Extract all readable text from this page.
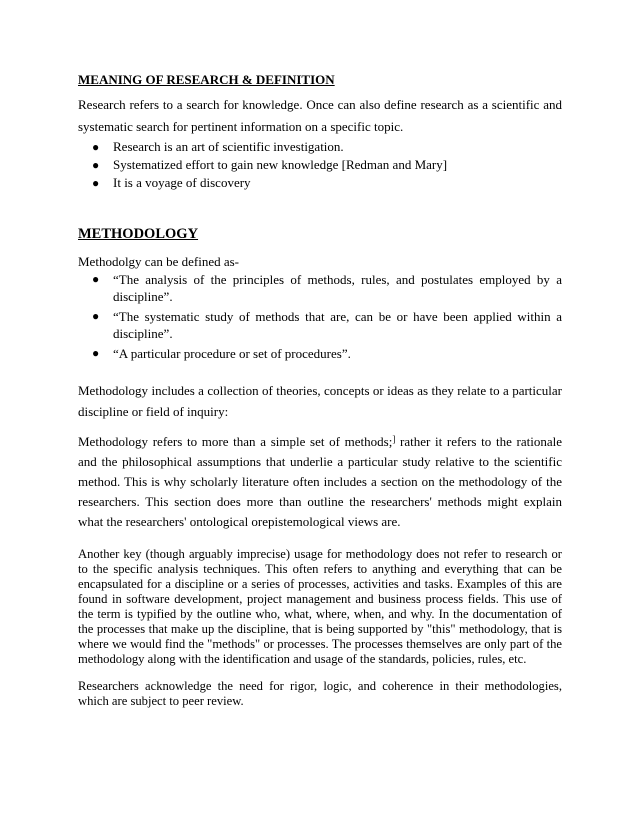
MEANING OF RESEARCH & DEFINITION

Research refers to a search for knowledge. Once can also define research as a scientific and systematic search for pertinent information on a specific topic.

● Research is an art of scientific investigation.
● Systematized effort to gain new knowledge [Redman and Mary]
● It is a voyage of discovery
METHODOLOGY

Methodolgy can be defined as-

● “The analysis of the principles of methods, rules, and postulates employed by a discipline”.
● “The systematic study of methods that are, can be or have been applied within a discipline”.
● “A particular procedure or set of procedures”.

Methodology includes a collection of theories, concepts or ideas as they relate to a particular discipline or field of inquiry:

Methodology refers to more than a simple set of methods;] rather it refers to the rationale and the philosophical assumptions that underlie a particular study relative to the scientific method. This is why scholarly literature often includes a section on the methodology of the researchers. This section does more than outline the researchers' methods might explain what the researchers' ontological orepistemological views are.

Another key (though arguably imprecise) usage for methodology does not refer to research or to the specific analysis techniques. This often refers to anything and everything that can be encapsulated for a discipline or a series of processes, activities and tasks. Examples of this are found in software development, project management and business process fields. This use of the term is typified by the outline who, what, where, when, and why. In the documentation of the processes that make up the discipline, that is being supported by "this" methodology, that is where we would find the "methods" or processes. The processes themselves are only part of the methodology along with the identification and usage of the standards, policies, rules, etc.

Researchers acknowledge the need for rigor, logic, and coherence in their methodologies, which are subject to peer review.
